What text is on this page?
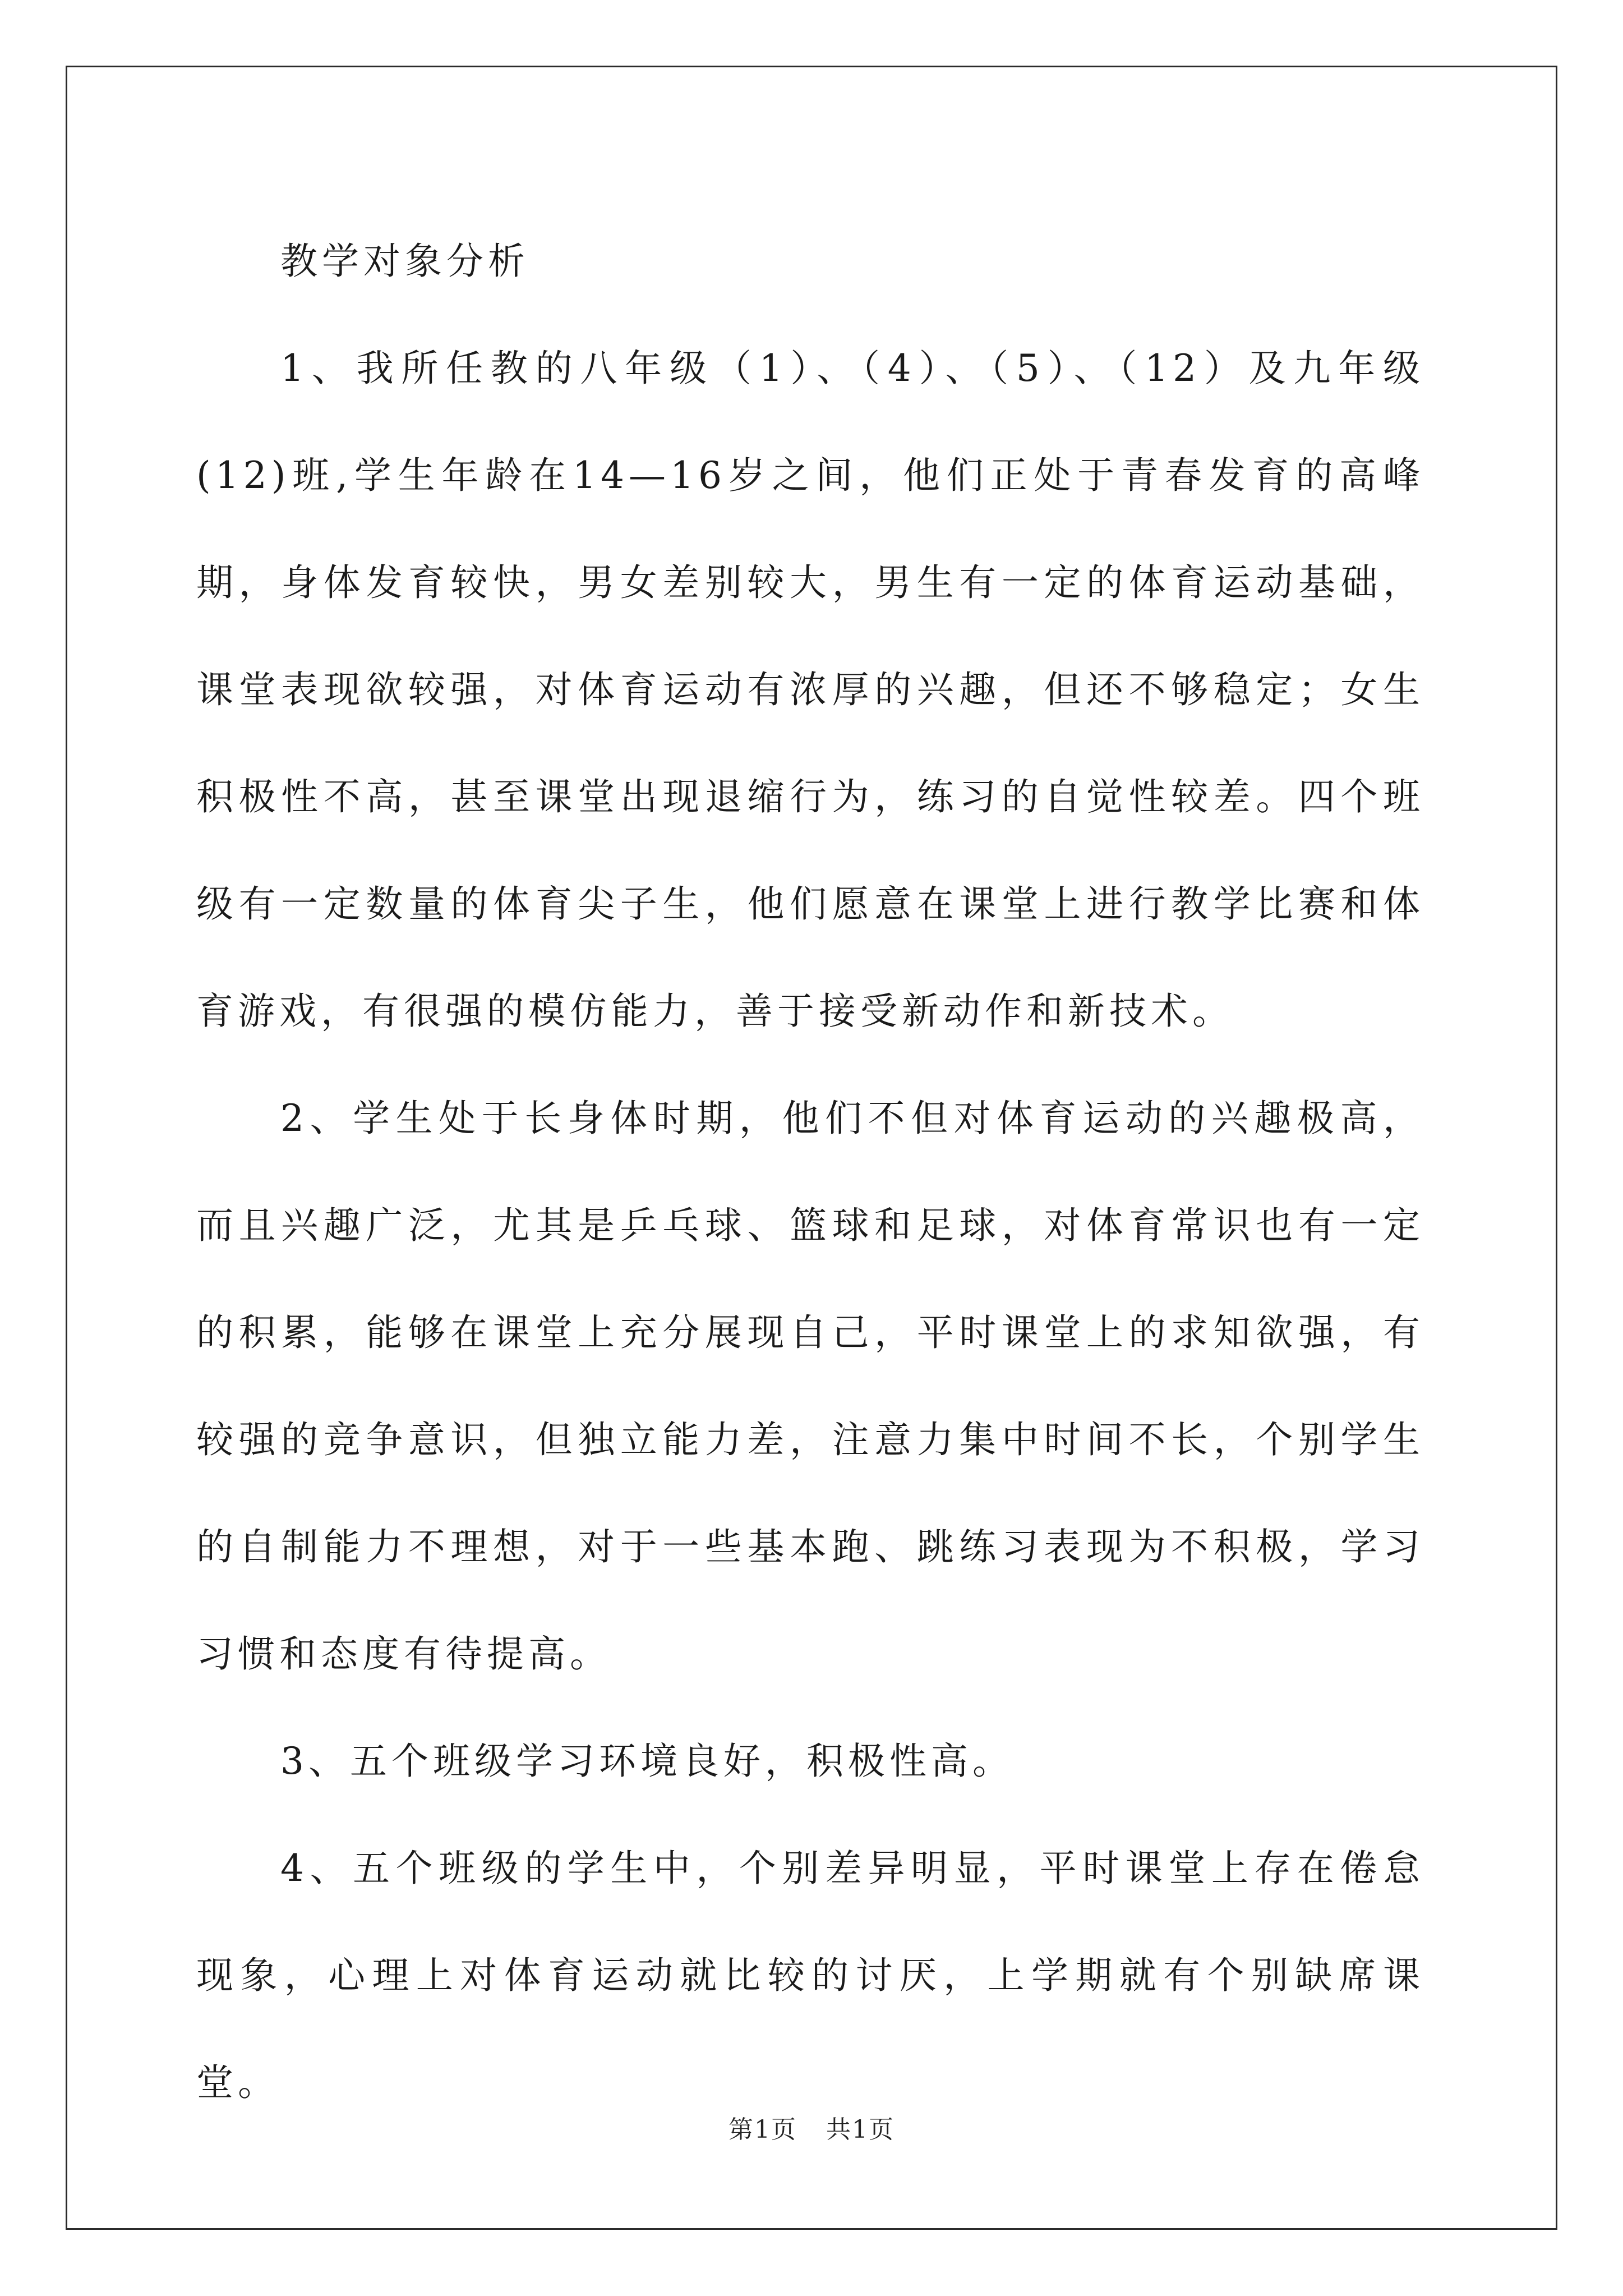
教学对象分析

1、我所任教的八年级（1）、（4）、（5）、（12）及九年级(12)班,学生年龄在14—16岁之间，他们正处于青春发育的高峰期，身体发育较快，男女差别较大，男生有一定的体育运动基础，课堂表现欲较强，对体育运动有浓厚的兴趣，但还不够稳定；女生积极性不高，甚至课堂出现退缩行为，练习的自觉性较差。四个班级有一定数量的体育尖子生，他们愿意在课堂上进行教学比赛和体育游戏，有很强的模仿能力，善于接受新动作和新技术。

2、学生处于长身体时期，他们不但对体育运动的兴趣极高，而且兴趣广泛，尤其是乒乓球、篮球和足球，对体育常识也有一定的积累，能够在课堂上充分展现自己，平时课堂上的求知欲强，有较强的竞争意识，但独立能力差，注意力集中时间不长，个别学生的自制能力不理想，对于一些基本跑、跳练习表现为不积极，学习习惯和态度有待提高。

3、五个班级学习环境良好，积极性高。

4、五个班级的学生中，个别差异明显，平时课堂上存在倦怠现象，心理上对体育运动就比较的讨厌，上学期就有个别缺席课堂。

第1页 共1页
